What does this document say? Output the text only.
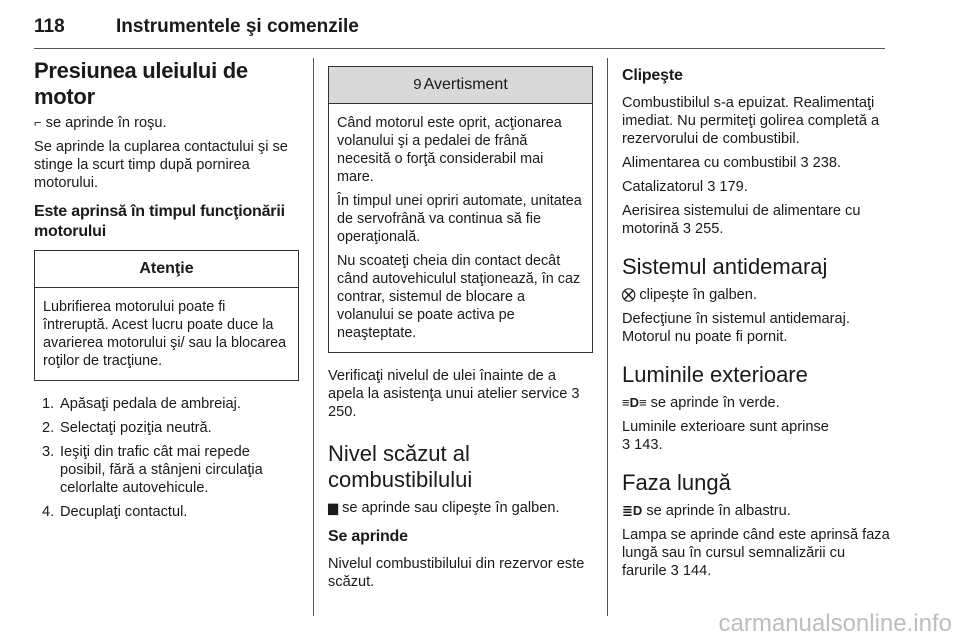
118	Instrumentele şi comenzile
Presiunea uleiului de motor

⌐ se aprinde în roşu.

Se aprinde la cuplarea contactului şi se stinge la scurt timp după pornirea motorului.

Este aprinsă în timpul funcţionării motorului
Atenţie

Lubrifierea motorului poate fi întreruptă. Acest lucru poate duce la avarierea motorului şi/ sau la blocarea roţilor de tracţiune.

1. Apăsaţi pedala de ambreiaj.
2. Selectaţi poziţia neutră.
3. Ieşiţi din trafic cât mai repede posibil, fără a stânjeni circulaţia celorlalte autovehicule.
4. Decuplaţi contactul.
9 Avertisment

Când motorul este oprit, acţionarea volanului şi a pedalei de frână necesită o forţă considerabil mai mare.

În timpul unei opriri automate, unitatea de servofrână va continua să fie operaţională.

Nu scoateţi cheia din contact decât când autovehiculul staţionează, în caz contrar, sistemul de blocare a volanului se poate activa pe neaşteptate.

Verificaţi nivelul de ulei înainte de a apela la asistenţa unui atelier service 3 250.

Nivel scăzut al combustibilului

▆ se aprinde sau clipeşte în galben.

Se aprinde

Nivelul combustibilului din rezervor este scăzut.

Clipeşte

Combustibilul s-a epuizat. Realimentaţi imediat. Nu permiteţi golirea completă a rezervorului de combustibil.

Alimentarea cu combustibil 3 238.

Catalizatorul 3 179.

Aerisirea sistemului de alimentare cu motorină 3 255.

Sistemul antidemaraj

⛒ clipeşte în galben.

Defecţiune în sistemul antidemaraj. Motorul nu poate fi pornit.

Luminile exterioare

≡D≡ se aprinde în verde.

Luminile exterioare sunt aprinse
3 143.

Faza lungă

≣D se aprinde în albastru.

Lampa se aprinde când este aprinsă faza lungă sau în cursul semnalizării cu farurile 3 144.

carmanualsonline.info
